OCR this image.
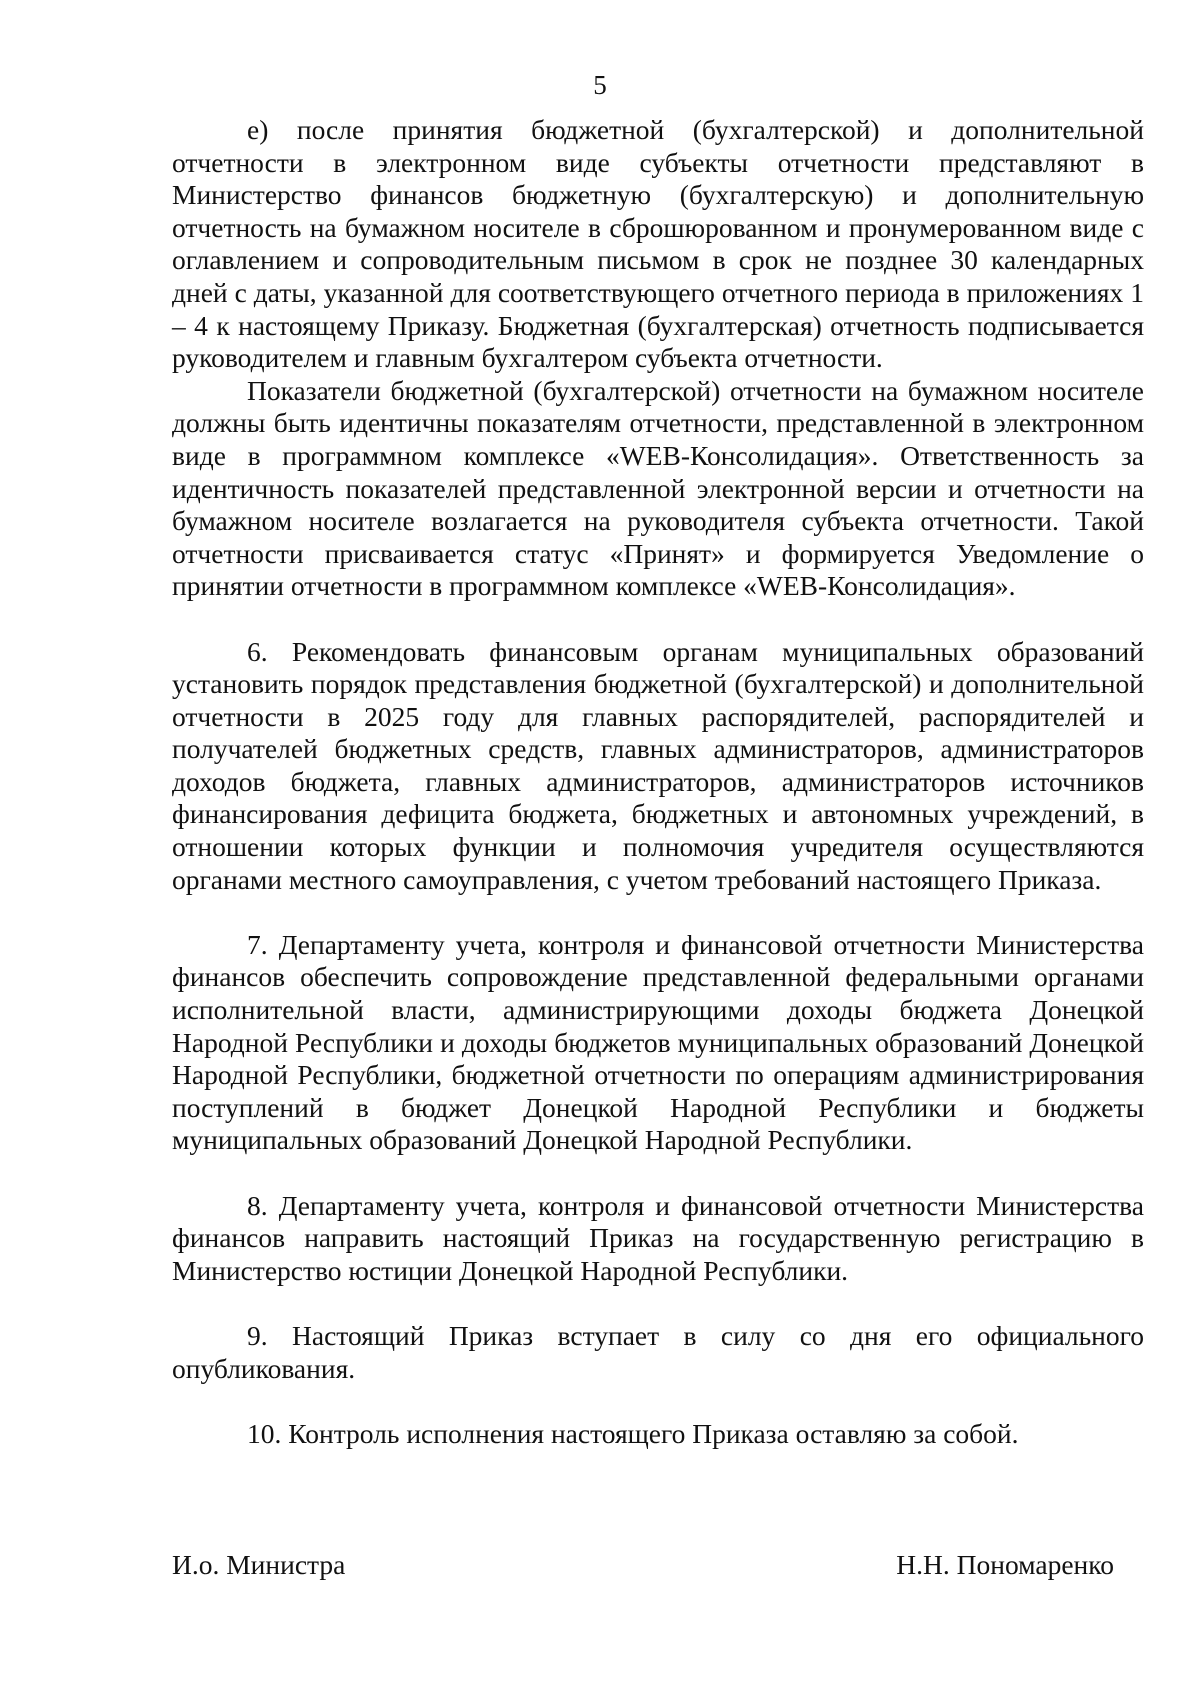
5

е) после принятия бюджетной (бухгалтерской) и дополнительной отчетности в электронном виде субъекты отчетности представляют в Министерство финансов бюджетную (бухгалтерскую) и дополнительную отчетность на бумажном носителе в сброшюрованном и пронумерованном виде с оглавлением и сопроводительным письмом в срок не позднее 30 календарных дней с даты, указанной для соответствующего отчетного периода в приложениях 1 – 4 к настоящему Приказу. Бюджетная (бухгалтерская) отчетность подписывается руководителем и главным бухгалтером субъекта отчетности.

Показатели бюджетной (бухгалтерской) отчетности на бумажном носителе должны быть идентичны показателям отчетности, представленной в электронном виде в программном комплексе «WEB-Консолидация». Ответственность за идентичность показателей представленной электронной версии и отчетности на бумажном носителе возлагается на руководителя субъекта отчетности. Такой отчетности присваивается статус «Принят» и формируется Уведомление о принятии отчетности в программном комплексе «WEB-Консолидация».

6. Рекомендовать финансовым органам муниципальных образований установить порядок представления бюджетной (бухгалтерской) и дополнительной отчетности в 2025 году для главных распорядителей, распорядителей и получателей бюджетных средств, главных администраторов, администраторов доходов бюджета, главных администраторов, администраторов источников финансирования дефицита бюджета, бюджетных и автономных учреждений, в отношении которых функции и полномочия учредителя осуществляются органами местного самоуправления, с учетом требований настоящего Приказа.

7. Департаменту учета, контроля и финансовой отчетности Министерства финансов обеспечить сопровождение представленной федеральными органами исполнительной власти, администрирующими доходы бюджета Донецкой Народной Республики и доходы бюджетов муниципальных образований Донецкой Народной Республики, бюджетной отчетности по операциям администрирования поступлений в бюджет Донецкой Народной Республики и бюджеты муниципальных образований Донецкой Народной Республики.

8. Департаменту учета, контроля и финансовой отчетности Министерства финансов направить настоящий Приказ на государственную регистрацию в Министерство юстиции Донецкой Народной Республики.

9. Настоящий Приказ вступает в силу со дня его официального опубликования.

10. Контроль исполнения настоящего Приказа оставляю за собой.

И.о. Министра	Н.Н. Пономаренко
